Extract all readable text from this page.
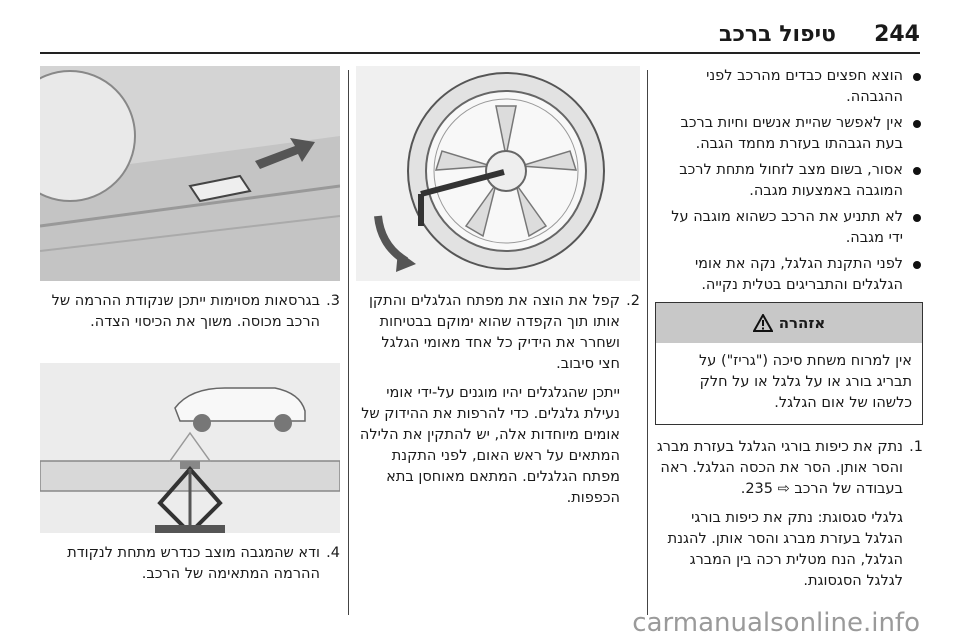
244
טיפול ברכב
הוצא חפצים כבדים מהרכב לפני ההגבהה.
אין לאפשר שהיית אנשים וחיות ברכב בעת הגבהתו בעזרת מחמד הגבה.
אסור, בשום מצב לזחול מתחת לרכב המוגבה באמצעות מגבה.
לא תתניע את הרכב כשהוא מוגבה על ידי מגבה.
לפני התקנת הגלגל, נקה את אומי הגלגלים והתבריגים בטלית נקייה.
אזהרה
אין למרוח משחת סיכה ("גריז") על תבריג בורג או על גלגל או על חלק כלשהו של אום הגלגל.
1.
נתק את כיפות בורגי הגלגל בעזרת מברג והסר אותן. הסר את הכסה הגלגל. ראה בעבודה של הרכב ⇨ 235.
גלגלי סגסוגת: נתק את כיפות בורגי הגלגל בעזרת מברג והסר אותן. להגנת הגלגל, הנח מטלית רכה בין המברג לגלגל הסגסוגת.
2.
קפל את הוצה את מפתח הגלגלים והתקן אותו תוך הקפדה שהוא ימוקם בבטיחות ושחרר את הידיק כל אחד מאומי הגלגל חצי סיבוב.
ייתכן שהגלגלים יהיו מוגנים על-ידי אומי נעילת גלגלים. כדי להרפות את ההידוק של אומים מיוחדות אלה, יש להתקין את הלילה המתאים על ראש האום, לפני התקנת מפתח הגלגלים. המתאם מאוחסן בתא הכפפות.
3.
בגרסאות מסוימות ייתכן שנקודת ההרמה של הרכב מכוסה. משוך את הכיסוי הצדה.
4.
ודא שהמגבה מוצב כנדרש מתחת לנקודת ההרמה המתאימה של הרכב.
carmanualsonline.info
